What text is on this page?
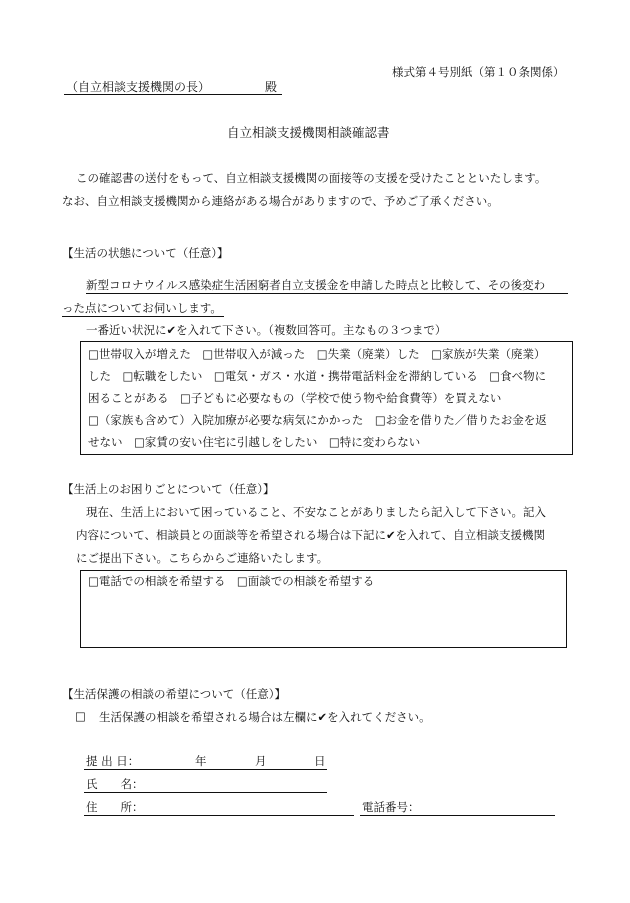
様式第４号別紙（第１０条関係）
（自立相談支援機関の長）	殿
自立相談支援機関相談確認書
この確認書の送付をもって、自立相談支援機関の面接等の支援を受けたことといたします。
なお、自立相談支援機関から連絡がある場合がありますので、予めご了承ください。
【生活の状態について（任意）】
新型コロナウイルス感染症生活困窮者自立支援金を申請した時点と比較して、その後変わ
った点についてお伺いします。
一番近い状況に✔を入れて下さい。（複数回答可。主なもの３つまで）
□世帯収入が増えた　□世帯収入が減った　□失業（廃業）した　□家族が失業（廃業）
した　□転職をしたい　□電気・ガス・水道・携帯電話料金を滞納している　□食べ物に
困ることがある　□子どもに必要なもの（学校で使う物や給食費等）を買えない
□（家族も含めて）入院加療が必要な病気にかかった　□お金を借りた／借りたお金を返
せない　□家賃の安い住宅に引越しをしたい　□特に変わらない
【生活上のお困りごとについて（任意）】
現在、生活上において困っていること、不安なことがありましたら記入して下さい。記入
内容について、相談員との面談等を希望される場合は下記に✔を入れて、自立相談支援機関
にご提出下さい。こちらからご連絡いたします。
□電話での相談を希望する　□面談での相談を希望する
【生活保護の相談の希望について（任意）】
□ 生活保護の相談を希望される場合は左欄に✔を入れてください。
提 出 日：	年	月	日
氏　　名：
住　　所：	電話番号：
